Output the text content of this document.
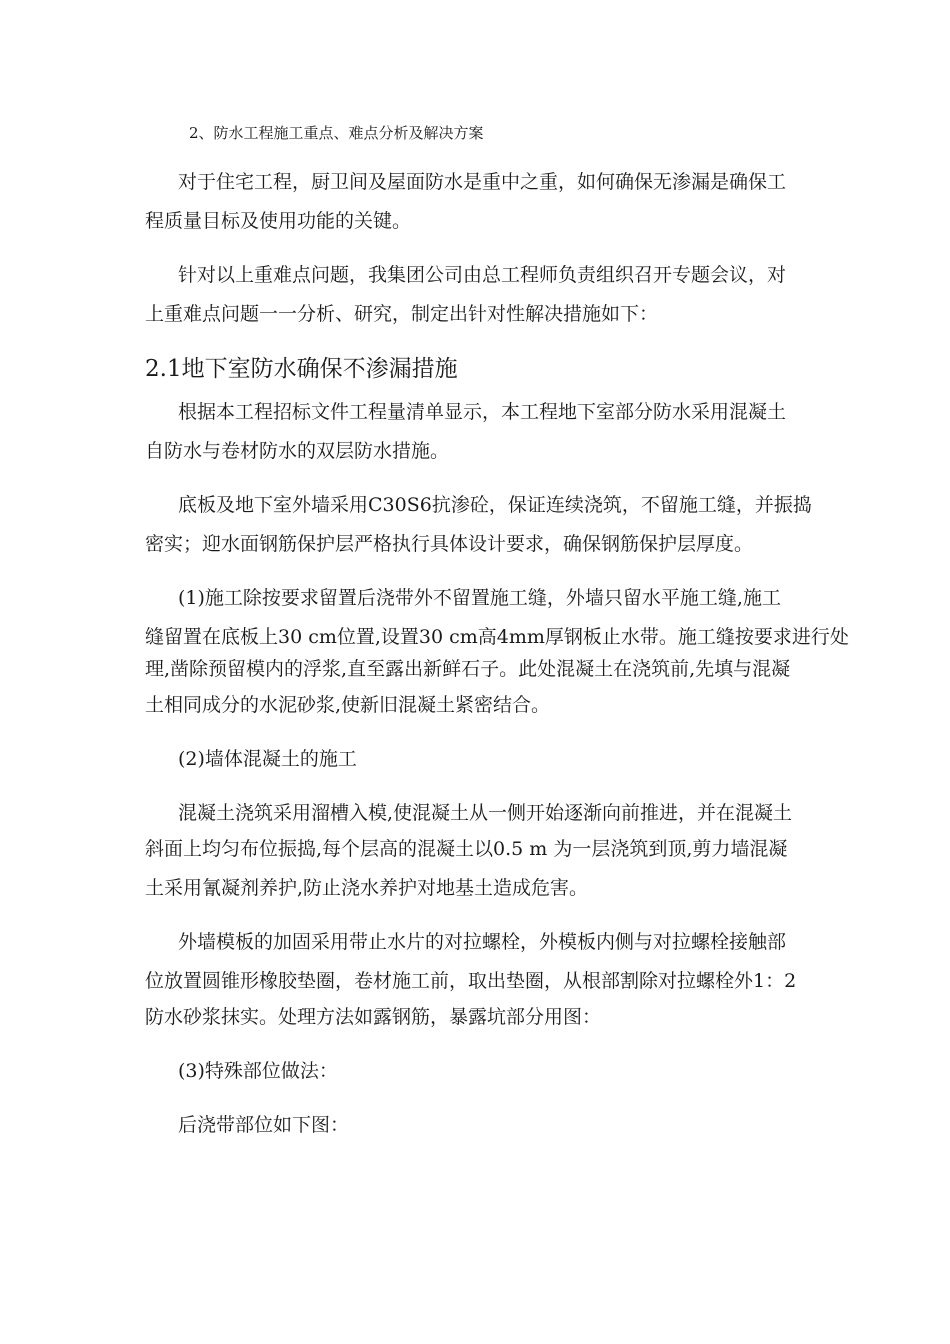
2、防水工程施工重点、难点分析及解决方案

对于住宅工程，厨卫间及屋面防水是重中之重，如何确保无渗漏是确保工

程质量目标及使用功能的关键。

针对以上重难点问题，我集团公司由总工程师负责组织召开专题会议，对

上重难点问题一一分析、研究，制定出针对性解决措施如下：

2.1地下室防水确保不渗漏措施

根据本工程招标文件工程量清单显示，本工程地下室部分防水采用混凝土

自防水与卷材防水的双层防水措施。

底板及地下室外墙采用C30S6抗渗砼，保证连续浇筑，不留施工缝，并振捣

密实；迎水面钢筋保护层严格执行具体设计要求，确保钢筋保护层厚度。

(1)施工除按要求留置后浇带外不留置施工缝，外墙只留水平施工缝,施工

缝留置在底板上30 cm位置,设置30 cm高4mm厚钢板止水带。施工缝按要求进行处

理,凿除预留模内的浮浆,直至露出新鲜石子。此处混凝土在浇筑前,先填与混凝

土相同成分的水泥砂浆,使新旧混凝土紧密结合。

(2)墙体混凝土的施工

混凝土浇筑采用溜槽入模,使混凝土从一侧开始逐渐向前推进，并在混凝土

斜面上均匀布位振捣,每个层高的混凝土以0.5 m 为一层浇筑到顶,剪力墙混凝

土采用氰凝剂养护,防止浇水养护对地基土造成危害。

外墙模板的加固采用带止水片的对拉螺栓，外模板内侧与对拉螺栓接触部

位放置圆锥形橡胶垫圈，卷材施工前，取出垫圈，从根部割除对拉螺栓外1：2

防水砂浆抹实。处理方法如露钢筋，暴露坑部分用图：

(3)特殊部位做法：

后浇带部位如下图：
